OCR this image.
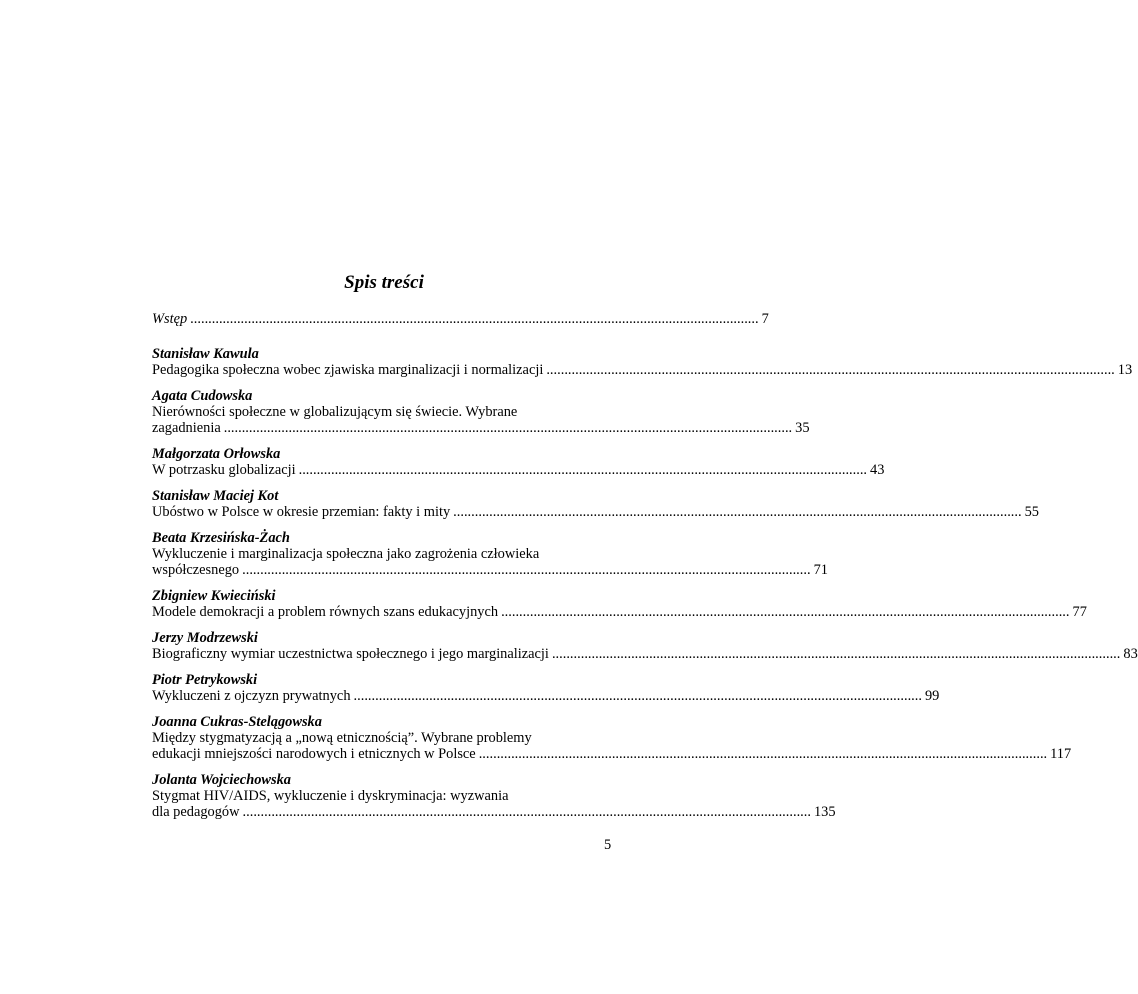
Spis treści
Wstęp .............................................................................................................................................................. 7

Stanisław Kawula

Pedagogika społeczna wobec zjawiska marginalizacji i normalizacji .....	13

Agata Cudowska

Nierówności społeczne w globalizującym się świecie. Wybrane

zagadnienia .....	35

Małgorzata Orłowska

W potrzasku globalizacji .....	43

Stanisław Maciej Kot

Ubóstwo w Polsce w okresie przemian: fakty i mity .....	55

Beata Krzesińska-Żach

Wykluczenie i marginalizacja społeczna jako zagrożenia człowieka

współczesnego .....	71

Zbigniew Kwieciński

Modele demokracji a problem równych szans edukacyjnych .....	77

Jerzy Modrzewski

Biograficzny wymiar uczestnictwa społecznego i jego marginalizacji .....	83

Piotr Petrykowski

Wykluczeni z ojczyzn prywatnych .....	99

Joanna Cukras-Stelągowska

Między stygmatyzacją a „nową etnicznością”. Wybrane problemy

edukacji mniejszości narodowych i etnicznych w Polsce .....	117

Jolanta Wojciechowska

Stygmat HIV/AIDS, wykluczenie i dyskryminacja: wyzwania

dla pedagogów .....	135
5
